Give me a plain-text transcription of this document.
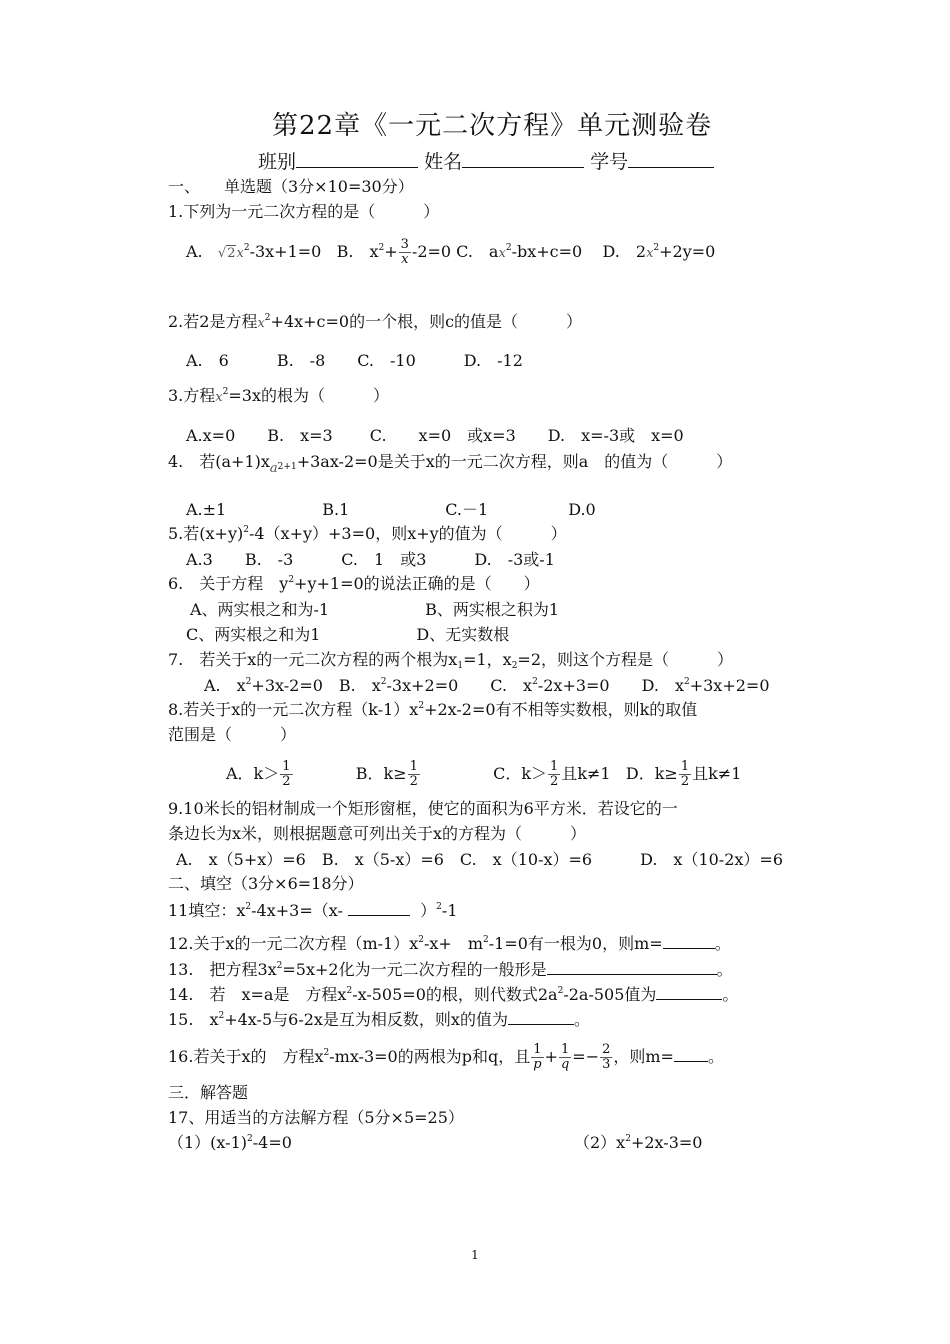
第22章《一元二次方程》单元测验卷
班别	姓名	学号
一、　　单选题（3分×10=30分）
1.下列为一元二次方程的是（　　　）
A. $√2x^2-3x+1=0$ B.　$x^2+ \frac{3}{x} -2=0$ C.　$ax^2-bx+c=0$ D.　$2x^2+2y=0$
2.若2是方程$x^2+4x+c=0$的一个根，则c的值是（　　　）
A.　6　　　B.　-8　　C.　-10　　　D.　-12
3.方程$x^2=3x$的根为（　　　）
A.x=0　　B.　x=3　　 C.　　x=0　或x=3　　D.　x=-3或　x=0
4.　若$(a+1)x_a^{2+1}+3ax-2=0$是关于x的一元二次方程，则a　的值为（　　　）
A.±1　　　　　　B.1　　　　　　C.－1　　　　　D.0
5.若$(x+y)^2-4(x+y)+3=0$，则x+y的值为（　　　）
A.3　　B.　-3　　　C.　1　或3　　　D.　-3或-1
6.　关于方程　$y^2+y+1=0$的说法正确的是（　　）
A、两实根之和为-1　　　　　　B、两实根之积为1
C、两实根之和为1　　　　　　D、无实数根
7.　若关于x的一元二次方程的两个根为$x_1=1$，$x_2=2$，则这个方程是（　　　）
A.　$x^2+3x-2=0$　B.　$x^2-3x+2=0$　　C.　$x^2-2x+3=0$　　D.　$x^2+3x+2=0$
8.若关于x的一元二次方程$(k-1)x^2+2x-2=0$有不相等实数根，则k的取值
范围是（　　　）
A．$k> \frac{1}{2}$	B．$k\ge \frac{1}{2}$	C．$k> \frac{1}{2}$ 且k≠1 D．$k\ge \frac{1}{2}$ 且k≠1
9.10米长的铝材制成一个矩形窗框，使它的面积为6平方米．若设它的一
条边长为x米，则根据题意可列出关于x的方程为（　　　）
A.　x（5+x）=6　B.　x（5-x）=6　C.　x（10-x）=6　　　D.　x（10-2x）=6
二、填空（3分×6=18分）
11填空：$x^2-4x+3=(x-$	）$^2$-1
12.关于x的一元二次方程$(m-1)x^2-x+$　$m^2-1=0$有一根为0，则m=	。
13.　把方程$3x^2=5x+2$化为一元二次方程的一般形是	。
14.　若　x=a是　方程$x^2-x-505=0$的根，则代数式$2a^2-2a-505$值为	。
15.　$x^2+4x-5$与6-2x是互为相反数，则x的值为	。
16.若关于x的　方程$x^2-mx-3=0$的两根为p和q，且 $\frac{1}{p} + \frac{1}{q} =- \frac{2}{3}$ ，则m= 。
三．解答题
17、用适当的方法解方程（5分×5=25）
$(1)(x-1)^2-4=0$	$(2)x^2+2x-3=0$
1
